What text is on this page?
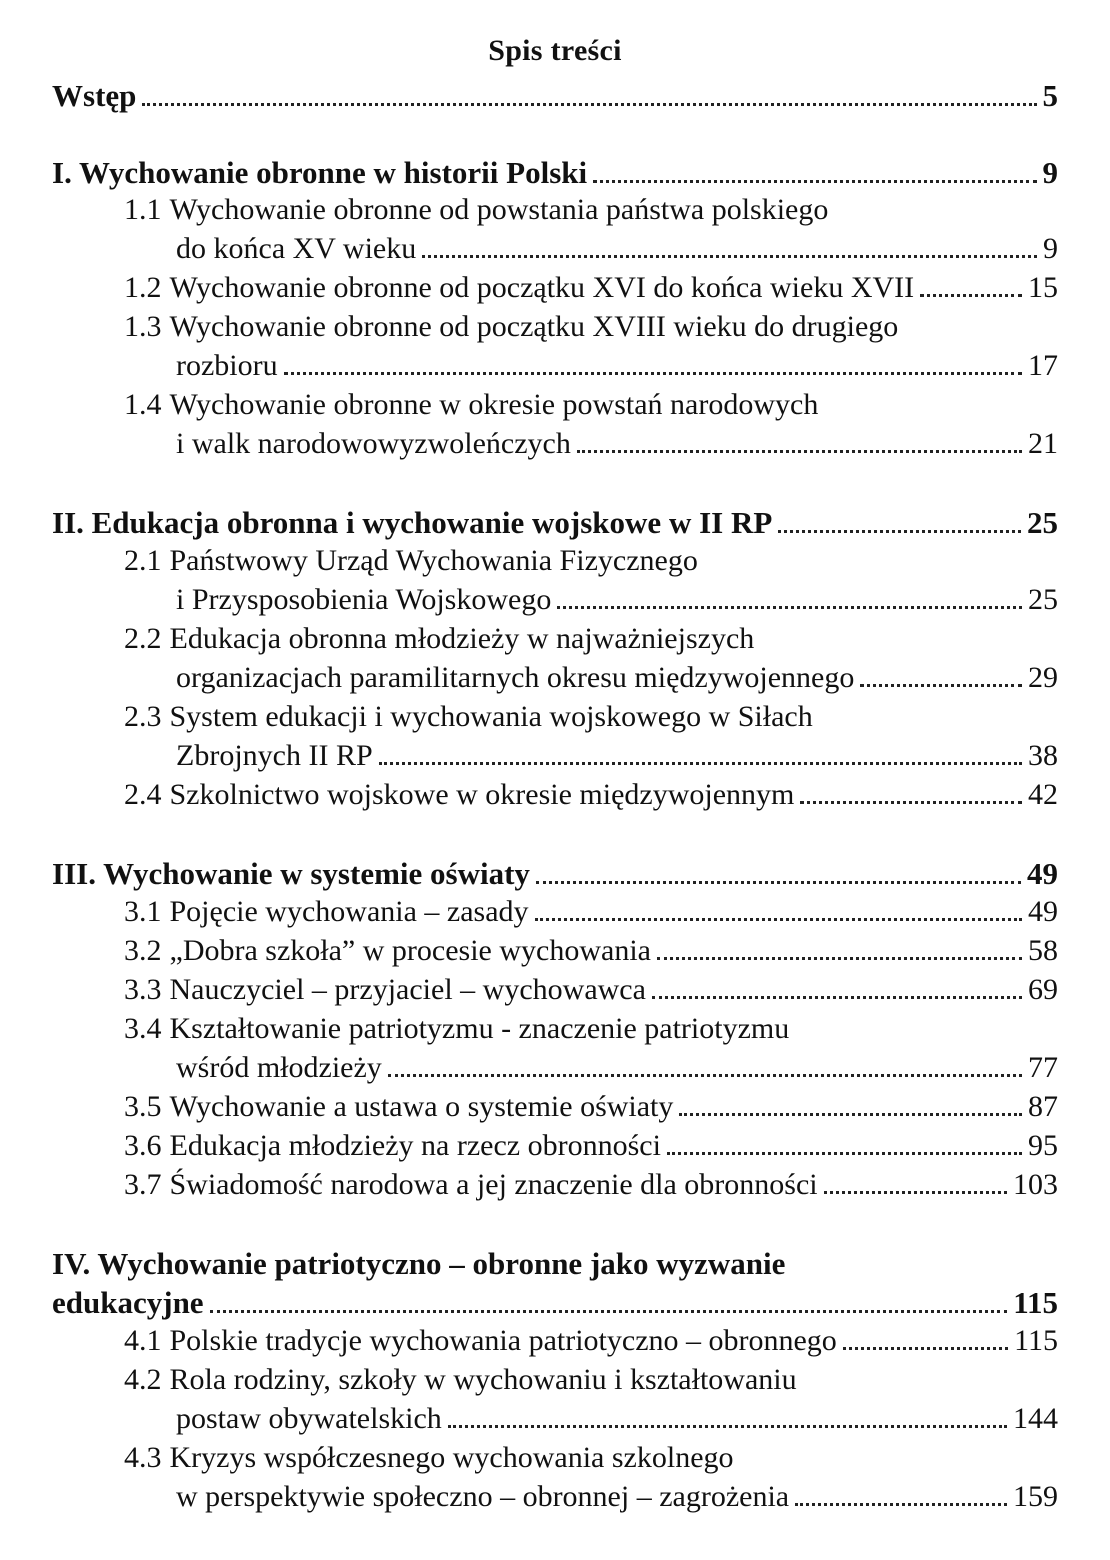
Spis treści
Wstęp	5
I. Wychowanie obronne w historii Polski	9
1.1 Wychowanie obronne od powstania państwa polskiego
do końca XV wieku	9
1.2 Wychowanie obronne od początku XVI do końca wieku XVII	15
1.3 Wychowanie obronne od początku XVIII wieku do drugiego
rozbioru	17
1.4 Wychowanie obronne w okresie powstań narodowych
i walk narodowowyzwoleńczych	21
II. Edukacja obronna i wychowanie wojskowe w II RP	25
2.1 Państwowy Urząd Wychowania Fizycznego
i Przysposobienia Wojskowego	25
2.2 Edukacja obronna młodzieży w najważniejszych
organizacjach paramilitarnych okresu międzywojennego	29
2.3 System edukacji i wychowania wojskowego w Siłach
Zbrojnych II RP	38
2.4 Szkolnictwo wojskowe w okresie międzywojennym	42
III. Wychowanie w systemie oświaty	49
3.1 Pojęcie wychowania – zasady	49
3.2 „Dobra szkoła” w procesie wychowania	58
3.3 Nauczyciel – przyjaciel – wychowawca	69
3.4 Kształtowanie patriotyzmu - znaczenie patriotyzmu
wśród młodzieży	77
3.5 Wychowanie a ustawa o systemie oświaty	87
3.6 Edukacja młodzieży na rzecz obronności	95
3.7 Świadomość narodowa a jej znaczenie dla obronności	103
IV. Wychowanie patriotyczno – obronne jako wyzwanie
edukacyjne	115
4.1 Polskie tradycje wychowania patriotyczno – obronnego	115
4.2 Rola rodziny, szkoły w wychowaniu i kształtowaniu
postaw obywatelskich	144
4.3 Kryzys współczesnego wychowania szkolnego
w perspektywie społeczno – obronnej – zagrożenia	159
